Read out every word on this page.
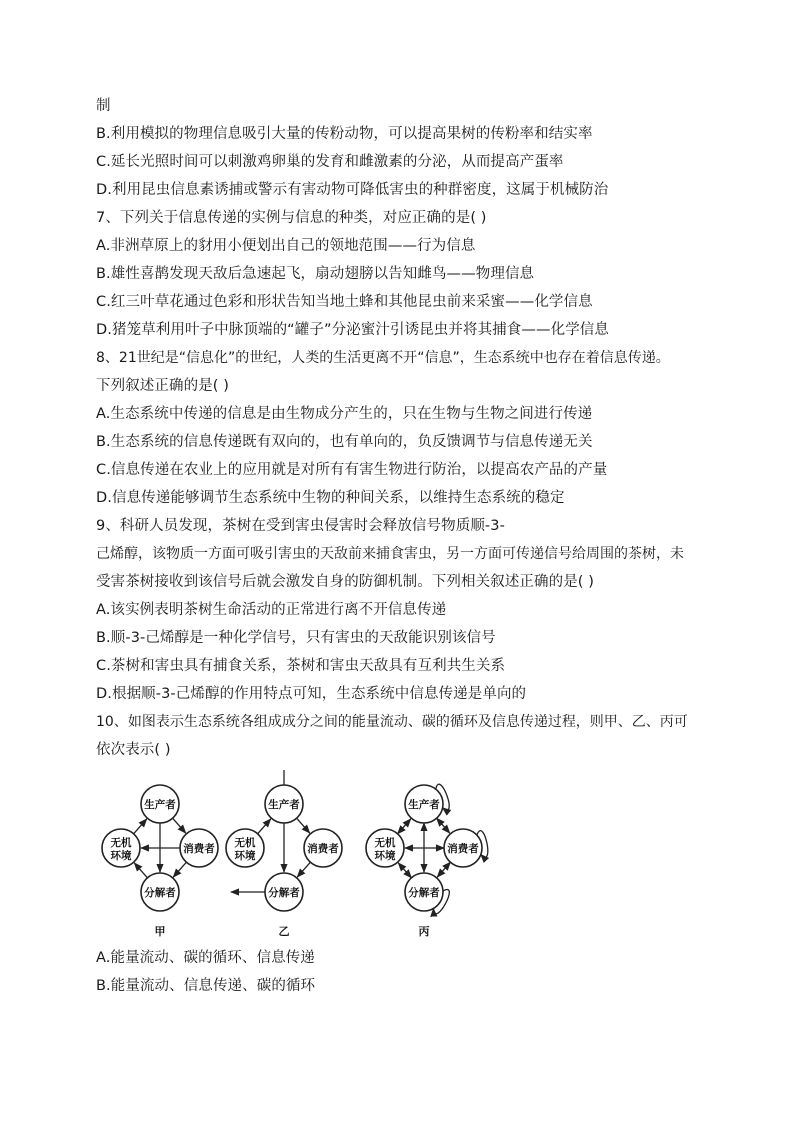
制
B.利用模拟的物理信息吸引大量的传粉动物，可以提高果树的传粉率和结实率
C.延长光照时间可以刺激鸡卵巢的发育和雌激素的分泌，从而提高产蛋率
D.利用昆虫信息素诱捕或警示有害动物可降低害虫的种群密度，这属于机械防治
7、下列关于信息传递的实例与信息的种类，对应正确的是( )
A.非洲草原上的豺用小便划出自己的领地范围——行为信息
B.雄性喜鹊发现天敌后急速起飞，扇动翅膀以告知雌鸟——物理信息
C.红三叶草花通过色彩和形状告知当地土蜂和其他昆虫前来采蜜——化学信息
D.猪笼草利用叶子中脉顶端的“罐子”分泌蜜汁引诱昆虫并将其捕食——化学信息
8、21世纪是“信息化”的世纪，人类的生活更离不开“信息”，生态系统中也存在着信息传递。
下列叙述正确的是( )
A.生态系统中传递的信息是由生物成分产生的，只在生物与生物之间进行传递
B.生态系统的信息传递既有双向的，也有单向的，负反馈调节与信息传递无关
C.信息传递在农业上的应用就是对所有有害生物进行防治，以提高农产品的产量
D.信息传递能够调节生态系统中生物的种间关系，以维持生态系统的稳定
9、科研人员发现，茶树在受到害虫侵害时会释放信号物质顺-3-
己烯醇，该物质一方面可吸引害虫的天敌前来捕食害虫，另一方面可传递信号给周围的茶树，未
受害茶树接收到该信号后就会激发自身的防御机制。下列相关叙述正确的是( )
A.该实例表明茶树生命活动的正常进行离不开信息传递
B.顺-3-己烯醇是一种化学信号，只有害虫的天敌能识别该信号
C.茶树和害虫具有捕食关系，茶树和害虫天敌具有互利共生关系
D.根据顺-3-己烯醇的作用特点可知，生态系统中信息传递是单向的
10、如图表示生态系统各组成成分之间的能量流动、碳的循环及信息传递过程，则甲、乙、丙可
依次表示( )
生产者
消费者
分解者
无机
环境
甲
生产者
消费者
分解者
无机
环境
乙
生产者
消费者
分解者
无机
环境
丙
A.能量流动、碳的循环、信息传递
B.能量流动、信息传递、碳的循环
